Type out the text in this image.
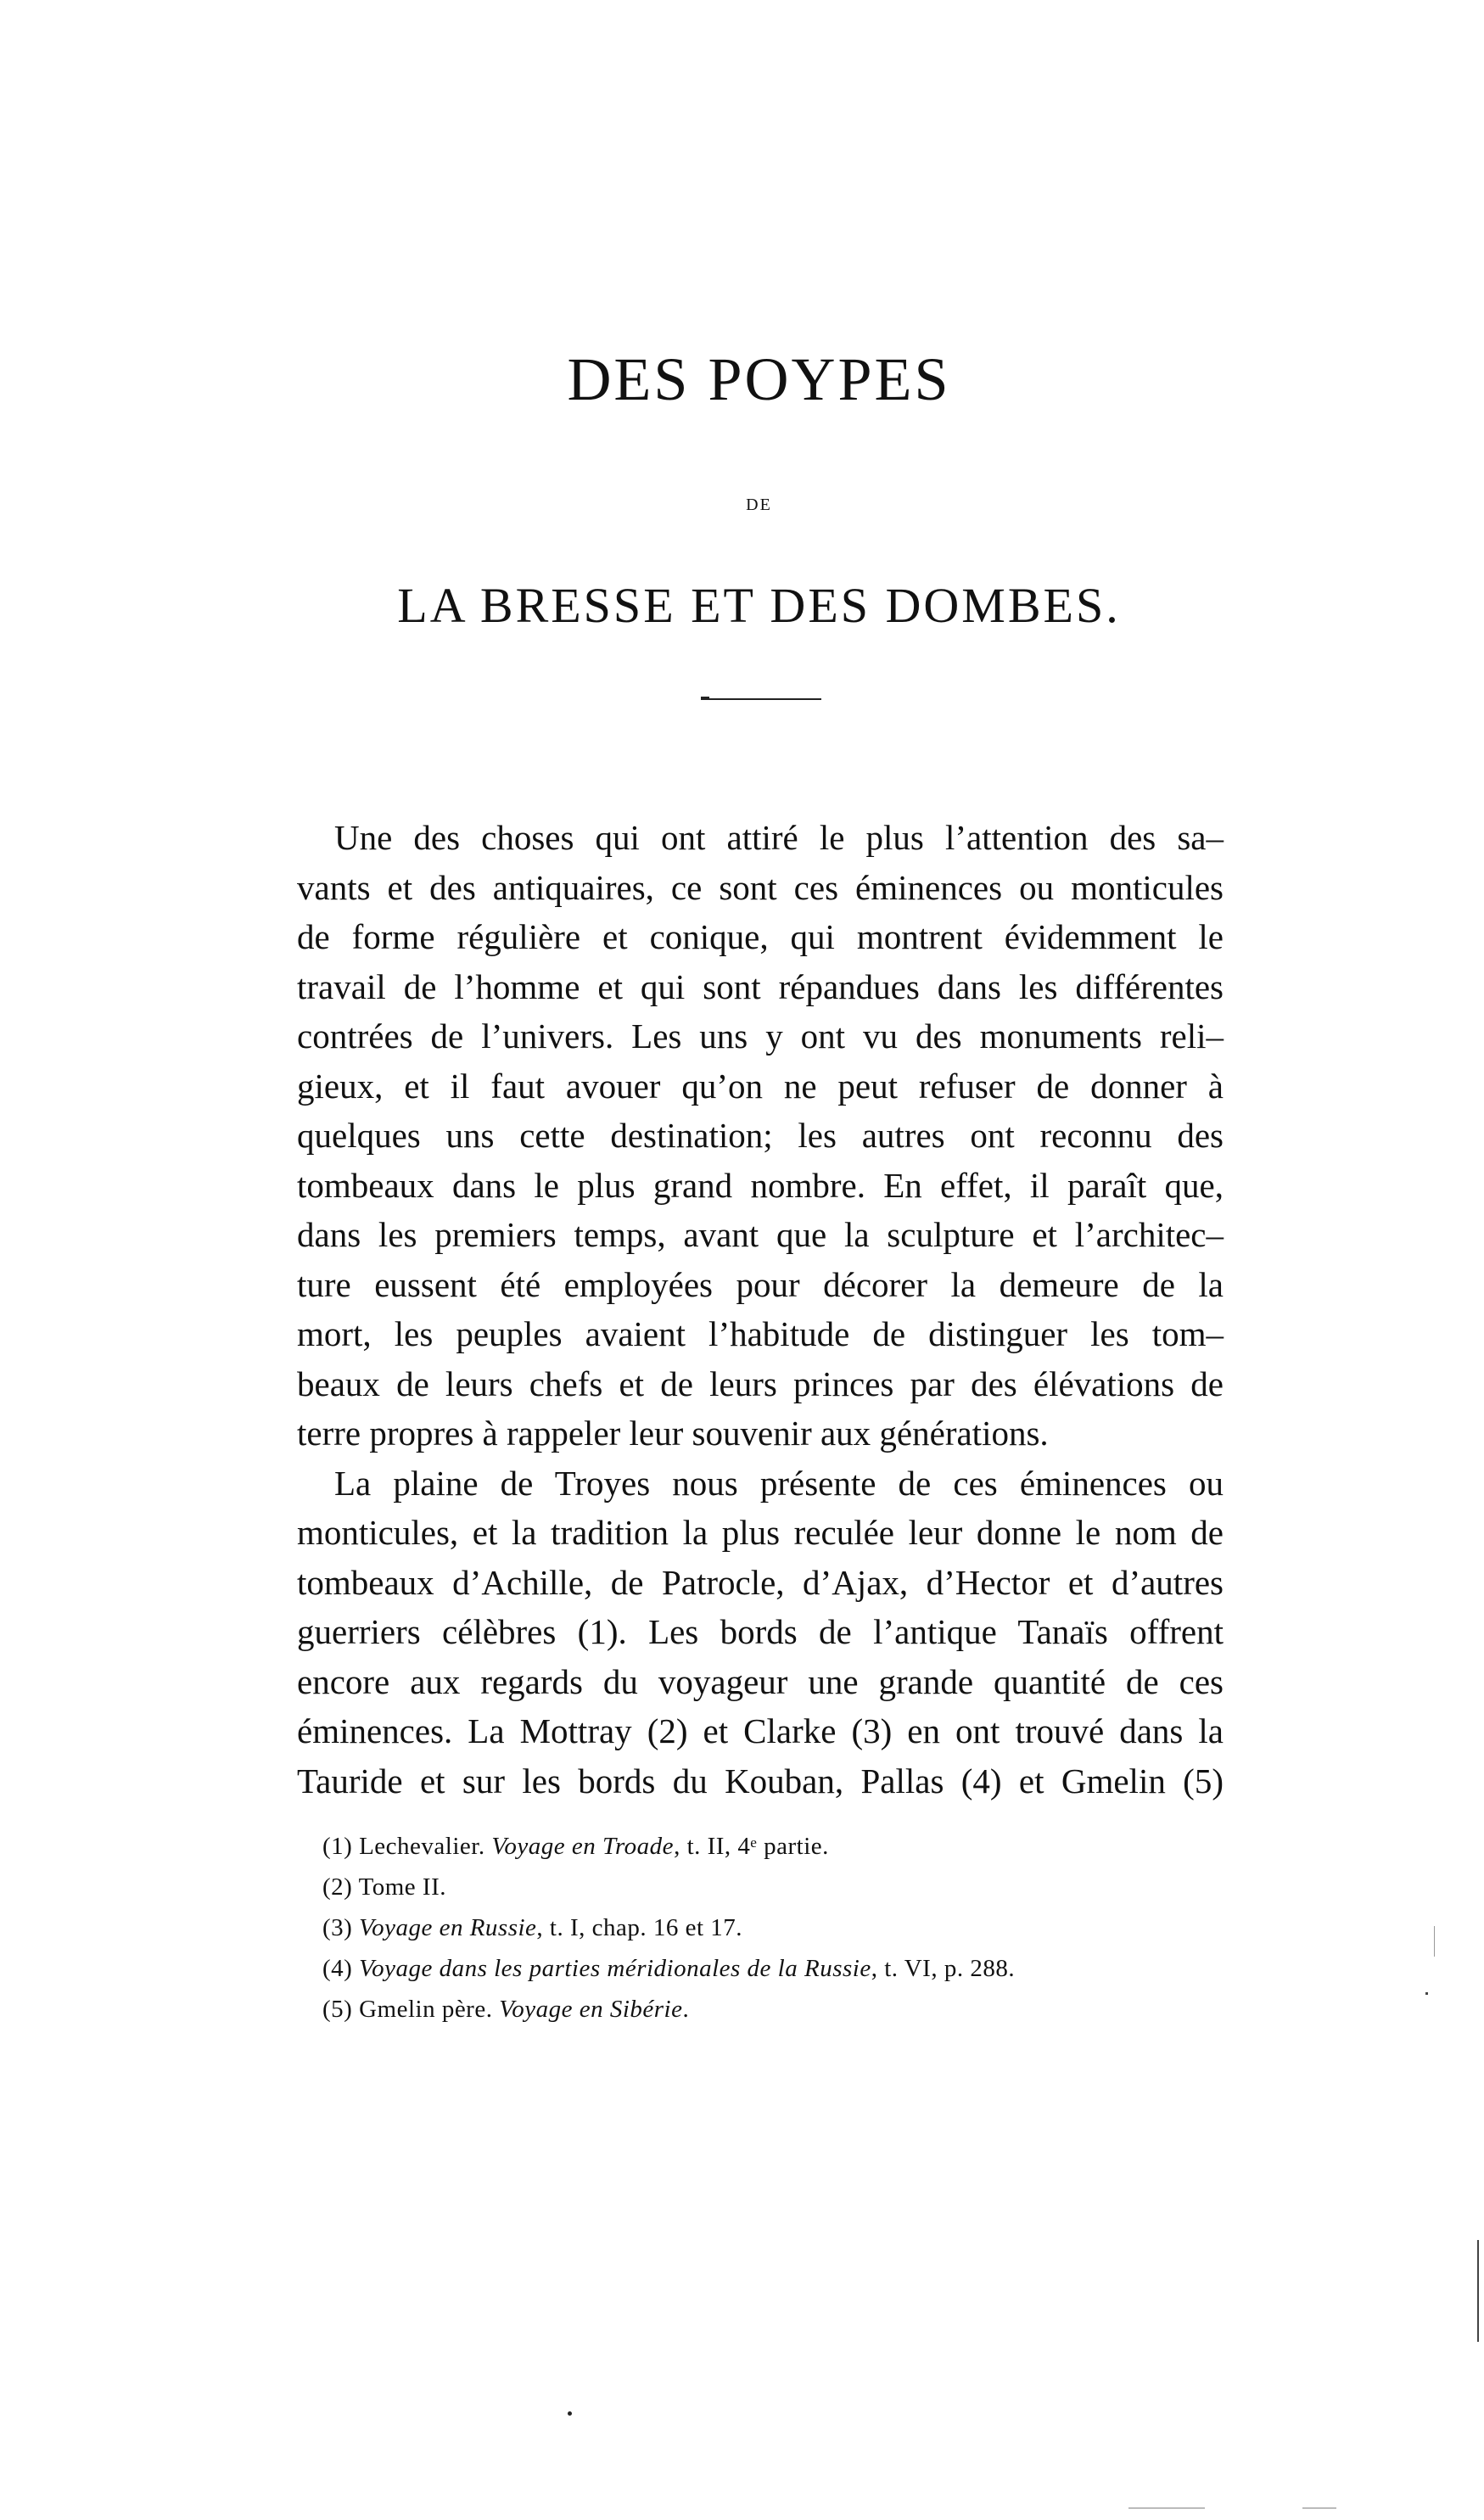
DES POYPES
DE
LA BRESSE ET DES DOMBES.
Une des choses qui ont attiré le plus l’attention des sa–
vants et des antiquaires, ce sont ces éminences ou monticules
de forme régulière et conique, qui montrent évidemment le
travail de l’homme et qui sont répandues dans les différentes
contrées de l’univers. Les uns y ont vu des monuments reli–
gieux, et il faut avouer qu’on ne peut refuser de donner à
quelques uns cette destination; les autres ont reconnu des
tombeaux dans le plus grand nombre. En effet, il paraît que,
dans les premiers temps, avant que la sculpture et l’architec–
ture eussent été employées pour décorer la demeure de la
mort, les peuples avaient l’habitude de distinguer les tom–
beaux de leurs chefs et de leurs princes par des élévations de
terre propres à rappeler leur souvenir aux générations.
La plaine de Troyes nous présente de ces éminences ou
monticules, et la tradition la plus reculée leur donne le nom de
tombeaux d’Achille, de Patrocle, d’Ajax, d’Hector et d’autres
guerriers célèbres (1). Les bords de l’antique Tanaïs offrent
encore aux regards du voyageur une grande quantité de ces
éminences. La Mottray (2) et Clarke (3) en ont trouvé dans la
Tauride et sur les bords du Kouban, Pallas (4) et Gmelin (5)
(1) Lechevalier. Voyage en Troade, t. II, 4ᵉ partie.
(2) Tome II.
(3) Voyage en Russie, t. I, chap. 16 et 17.
(4) Voyage dans les parties méridionales de la Russie, t. VI, p. 288.
(5) Gmelin père. Voyage en Sibérie.
